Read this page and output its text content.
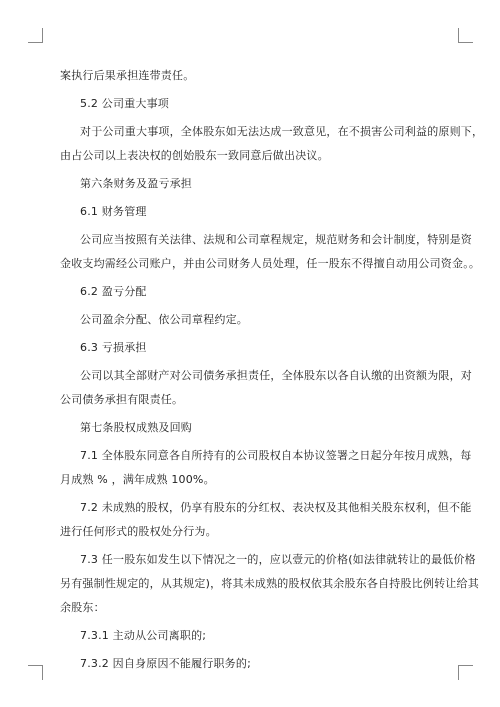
案执行后果承担连带责任。

5.2 公司重大事项

对于公司重大事项，全体股东如无法达成一致意见，在不损害公司利益的原则下，

由占公司以上表决权的创始股东一致同意后做出决议。

第六条财务及盈亏承担

6.1 财务管理

公司应当按照有关法律、法规和公司章程规定，规范财务和会计制度，特别是资

金收支均需经公司账户，并由公司财务人员处理，任一股东不得擅自动用公司资金。。

6.2 盈亏分配

公司盈余分配、依公司章程约定。

6.3 亏损承担

公司以其全部财产对公司债务承担责任，全体股东以各自认缴的出资额为限，对

公司债务承担有限责任。

第七条股权成熟及回购

7.1 全体股东同意各自所持有的公司股权自本协议签署之日起分年按月成熟，每

月成熟 % ，满年成熟 100%。

7.2 未成熟的股权，仍享有股东的分红权、表决权及其他相关股东权利，但不能

进行任何形式的股权处分行为。

7.3 任一股东如发生以下情况之一的，应以壹元的价格(如法律就转让的最低价格

另有强制性规定的，从其规定)，将其未成熟的股权依其余股东各自持股比例转让给其

余股东：

7.3.1 主动从公司离职的;

7.3.2 因自身原因不能履行职务的;
